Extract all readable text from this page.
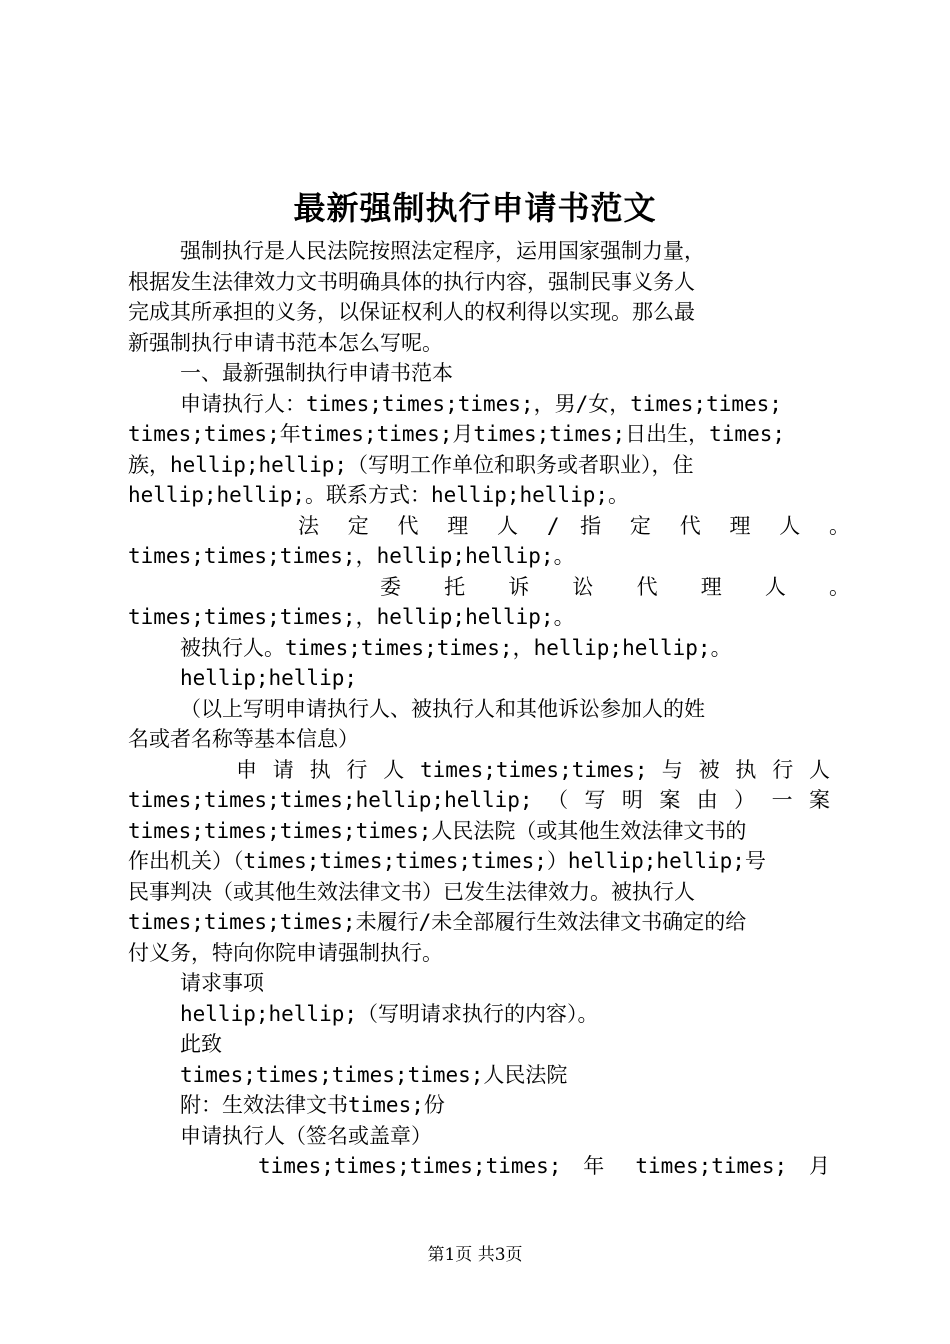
最新强制执行申请书范文
强制执行是人民法院按照法定程序，运用国家强制力量，
根据发生法律效力文书明确具体的执行内容，强制民事义务人
完成其所承担的义务，以保证权利人的权利得以实现。那么最
新强制执行申请书范本怎么写呢。
一、最新强制执行申请书范本
申请执行人：times;times;times;，男/女，times;times;
times;times;年times;times;月times;times;日出生，times;
族，hellip;hellip;（写明工作单位和职务或者职业），住
hellip;hellip;。联系方式：hellip;hellip;。
法 定 代 理 人 / 指 定 代 理 人 。
times;times;times;，hellip;hellip;。
委 托 诉 讼 代 理 人 。
times;times;times;，hellip;hellip;。
被执行人。times;times;times;，hellip;hellip;。
hellip;hellip;
（以上写明申请执行人、被执行人和其他诉讼参加人的姓
名或者名称等基本信息）
申 请 执 行 人 times;times;times; 与 被 执 行 人
times;times;times;hellip;hellip; （ 写 明 案 由 ） 一 案
times;times;times;times;人民法院（或其他生效法律文书的
作出机关）（times;times;times;times;）hellip;hellip;号
民事判决（或其他生效法律文书）已发生法律效力。被执行人
times;times;times;未履行/未全部履行生效法律文书确定的给
付义务，特向你院申请强制执行。
请求事项
hellip;hellip;（写明请求执行的内容）。
此致
times;times;times;times;人民法院
附：生效法律文书times;份
申请执行人（签名或盖章）
times;times;times;times; 年 times;times; 月
第1页 共3页
